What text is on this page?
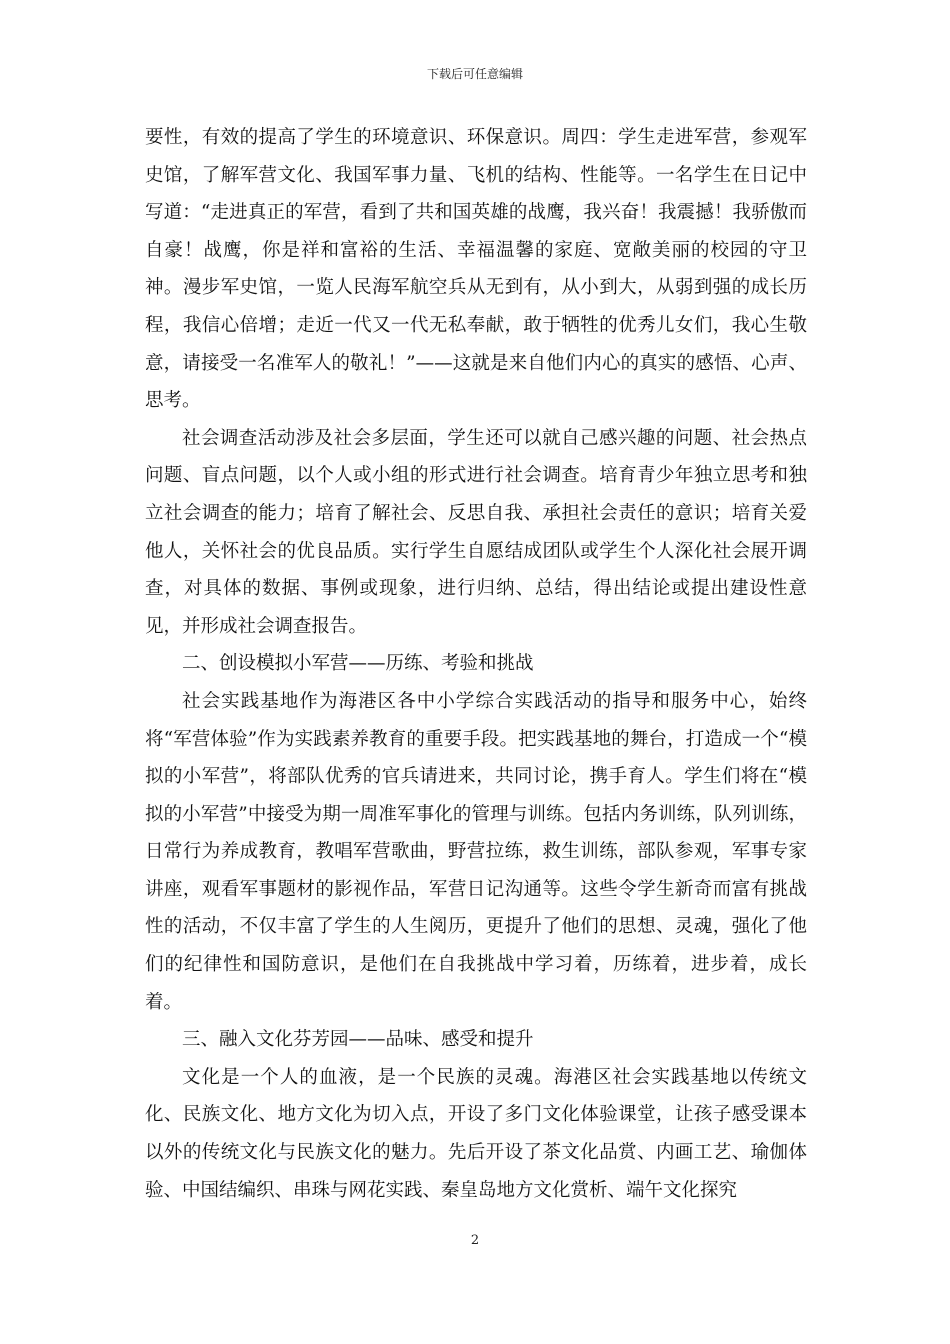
下载后可任意编辑

要性，有效的提高了学生的环境意识、环保意识。周四：学生走进军营，参观军史馆，了解军营文化、我国军事力量、飞机的结构、性能等。一名学生在日记中写道：“走进真正的军营，看到了共和国英雄的战鹰，我兴奋！我震撼！我骄傲而自豪！战鹰，你是祥和富裕的生活、幸福温馨的家庭、宽敞美丽的校园的守卫神。漫步军史馆，一览人民海军航空兵从无到有，从小到大，从弱到强的成长历程，我信心倍增；走近一代又一代无私奉献，敢于牺牲的优秀儿女们，我心生敬意，请接受一名准军人的敬礼！”——这就是来自他们内心的真实的感悟、心声、思考。

社会调查活动涉及社会多层面，学生还可以就自己感兴趣的问题、社会热点问题、盲点问题，以个人或小组的形式进行社会调查。培育青少年独立思考和独立社会调查的能力；培育了解社会、反思自我、承担社会责任的意识；培育关爱他人，关怀社会的优良品质。实行学生自愿结成团队或学生个人深化社会展开调查，对具体的数据、事例或现象，进行归纳、总结，得出结论或提出建设性意见，并形成社会调查报告。

二、创设模拟小军营——历练、考验和挑战

社会实践基地作为海港区各中小学综合实践活动的指导和服务中心，始终将“军营体验”作为实践素养教育的重要手段。把实践基地的舞台，打造成一个“模拟的小军营”，将部队优秀的官兵请进来，共同讨论，携手育人。学生们将在“模拟的小军营”中接受为期一周准军事化的管理与训练。包括内务训练，队列训练，日常行为养成教育，教唱军营歌曲，野营拉练，救生训练，部队参观，军事专家讲座，观看军事题材的影视作品，军营日记沟通等。这些令学生新奇而富有挑战性的活动，不仅丰富了学生的人生阅历，更提升了他们的思想、灵魂，强化了他们的纪律性和国防意识，是他们在自我挑战中学习着，历练着，进步着，成长着。

三、融入文化芬芳园——品味、感受和提升

文化是一个人的血液，是一个民族的灵魂。海港区社会实践基地以传统文化、民族文化、地方文化为切入点，开设了多门文化体验课堂，让孩子感受课本以外的传统文化与民族文化的魅力。先后开设了茶文化品赏、内画工艺、瑜伽体验、中国结编织、串珠与网花实践、秦皇岛地方文化赏析、端午文化探究

2
